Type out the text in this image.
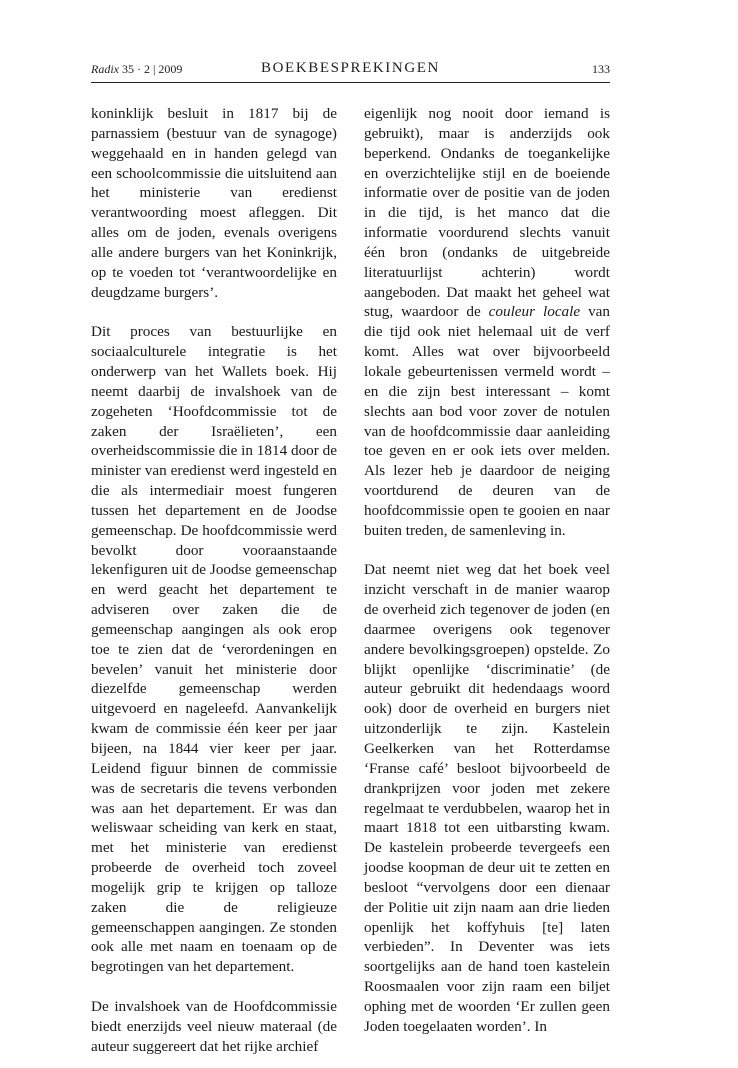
Radix 35 · 2 | 2009	BOEKBESPREKINGEN	133

koninklijk besluit in 1817 bij de parnassiem (bestuur van de synagoge) weggehaald en in handen gelegd van een schoolcommissie die uitsluitend aan het ministerie van eredienst verantwoording moest afleggen. Dit alles om de joden, evenals overigens alle andere burgers van het Koninkrijk, op te voeden tot ‘verantwoordelijke en deugdzame burgers’.

Dit proces van bestuurlijke en sociaalculturele integratie is het onderwerp van het Wallets boek. Hij neemt daarbij de invalshoek van de zogeheten ‘Hoofdcommissie tot de zaken der Israëlieten’, een overheidscommissie die in 1814 door de minister van eredienst werd ingesteld en die als intermediair moest fungeren tussen het departement en de Joodse gemeenschap. De hoofdcommissie werd bevolkt door vooraanstaande lekenfiguren uit de Joodse gemeenschap en werd geacht het departement te adviseren over zaken die de gemeenschap aangingen als ook erop toe te zien dat de ‘verordeningen en bevelen’ vanuit het ministerie door diezelfde gemeenschap werden uitgevoerd en nageleefd. Aanvankelijk kwam de commissie één keer per jaar bijeen, na 1844 vier keer per jaar. Leidend figuur binnen de commissie was de secretaris die tevens verbonden was aan het departement. Er was dan weliswaar scheiding van kerk en staat, met het ministerie van eredienst probeerde de overheid toch zoveel mogelijk grip te krijgen op talloze zaken die de religieuze gemeenschappen aangingen. Ze stonden ook alle met naam en toenaam op de begrotingen van het departement.

De invalshoek van de Hoofdcommissie biedt enerzijds veel nieuw materaal (de auteur suggereert dat het rijke archief

eigenlijk nog nooit door iemand is gebruikt), maar is anderzijds ook beperkend. Ondanks de toegankelijke en overzichtelijke stijl en de boeiende informatie over de positie van de joden in die tijd, is het manco dat die informatie voordurend slechts vanuit één bron (ondanks de uitgebreide literatuurlijst achterin) wordt aangeboden. Dat maakt het geheel wat stug, waardoor de couleur locale van die tijd ook niet helemaal uit de verf komt. Alles wat over bijvoorbeeld lokale gebeurtenissen vermeld wordt – en die zijn best interessant – komt slechts aan bod voor zover de notulen van de hoofdcommissie daar aanleiding toe geven en er ook iets over melden. Als lezer heb je daardoor de neiging voortdurend de deuren van de hoofdcommissie open te gooien en naar buiten treden, de samenleving in.

Dat neemt niet weg dat het boek veel inzicht verschaft in de manier waarop de overheid zich tegenover de joden (en daarmee overigens ook tegenover andere bevolkingsgroepen) opstelde. Zo blijkt openlijke ‘discriminatie’ (de auteur gebruikt dit hedendaags woord ook) door de overheid en burgers niet uitzonderlijk te zijn. Kastelein Geelkerken van het Rotterdamse ‘Franse café’ besloot bijvoorbeeld de drankprijzen voor joden met zekere regelmaat te verdubbelen, waarop het in maart 1818 tot een uitbarsting kwam. De kastelein probeerde tevergeefs een joodse koopman de deur uit te zetten en besloot “vervolgens door een dienaar der Politie uit zijn naam aan drie lieden openlijk het koffyhuis [te] laten verbieden”. In Deventer was iets soortgelijks aan de hand toen kastelein Roosmaalen voor zijn raam een biljet ophing met de woorden ‘Er zullen geen Joden toegelaaten worden’. In
